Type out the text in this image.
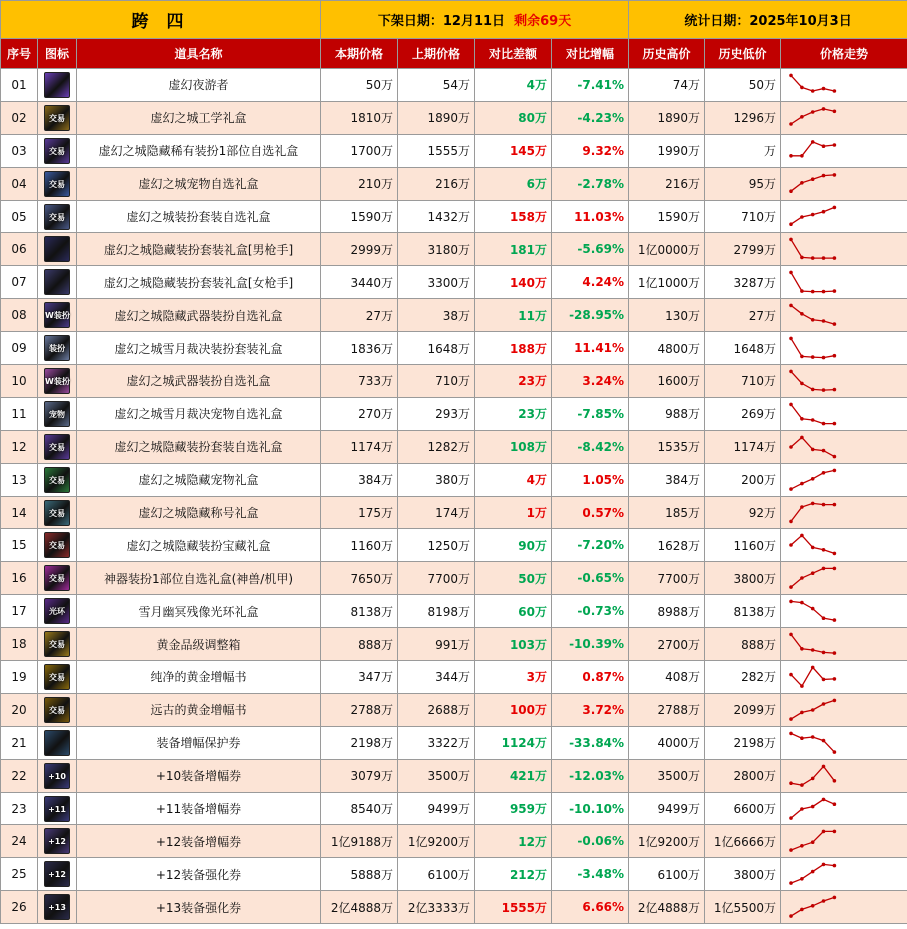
跨 四			下架日期：12月11日 剩余69天				统计日期：2025年10月3日		
序号	图标	道具名称	本期价格	上期价格	对比差额	对比增幅	历史高价	历史低价	价格走势
01		虚幻夜游者	50万	54万	4万	-7.41%	74万	50万	

02	交易	虚幻之城工学礼盒	1810万	1890万	80万	-4.23%	1890万	1296万	

03	交易	虚幻之城隐藏稀有装扮1部位自选礼盒	1700万	1555万	145万	9.32%	1990万	万	

04	交易	虚幻之城宠物自选礼盒	210万	216万	6万	-2.78%	216万	95万	

05	交易	虚幻之城装扮套装自选礼盒	1590万	1432万	158万	11.03%	1590万	710万	

06		虚幻之城隐藏装扮套装礼盒[男枪手]	2999万	3180万	181万	-5.69%	1亿0000万	2799万	

07		虚幻之城隐藏装扮套装礼盒[女枪手]	3440万	3300万	140万	4.24%	1亿1000万	3287万	

08	W装扮	虚幻之城隐藏武器装扮自选礼盒	27万	38万	11万	-28.95%	130万	27万	

09	装扮	虚幻之城雪月裁决装扮套装礼盒	1836万	1648万	188万	11.41%	4800万	1648万	

10	W装扮	虚幻之城武器装扮自选礼盒	733万	710万	23万	3.24%	1600万	710万	

11	宠物	虚幻之城雪月裁决宠物自选礼盒	270万	293万	23万	-7.85%	988万	269万	

12	交易	虚幻之城隐藏装扮套装自选礼盒	1174万	1282万	108万	-8.42%	1535万	1174万	

13	交易	虚幻之城隐藏宠物礼盒	384万	380万	4万	1.05%	384万	200万	

14	交易	虚幻之城隐藏称号礼盒	175万	174万	1万	0.57%	185万	92万	

15	交易	虚幻之城隐藏装扮宝藏礼盒	1160万	1250万	90万	-7.20%	1628万	1160万	

16	交易	神器装扮1部位自选礼盒(神兽/机甲)	7650万	7700万	50万	-0.65%	7700万	3800万	

17	光环	雪月幽冥残像光环礼盒	8138万	8198万	60万	-0.73%	8988万	8138万	

18	交易	黄金品级调整箱	888万	991万	103万	-10.39%	2700万	888万	

19	交易	纯净的黄金增幅书	347万	344万	3万	0.87%	408万	282万	

20	交易	远古的黄金增幅书	2788万	2688万	100万	3.72%	2788万	2099万	

21		装备增幅保护券	2198万	3322万	1124万	-33.84%	4000万	2198万	

22	+10	+10装备增幅券	3079万	3500万	421万	-12.03%	3500万	2800万	

23	+11	+11装备增幅券	8540万	9499万	959万	-10.10%	9499万	6600万	

24	+12	+12装备增幅券	1亿9188万	1亿9200万	12万	-0.06%	1亿9200万	1亿6666万	

25	+12	+12装备强化券	5888万	6100万	212万	-3.48%	6100万	3800万	

26	+13	+13装备强化券	2亿4888万	2亿3333万	1555万	6.66%	2亿4888万	1亿5500万	
